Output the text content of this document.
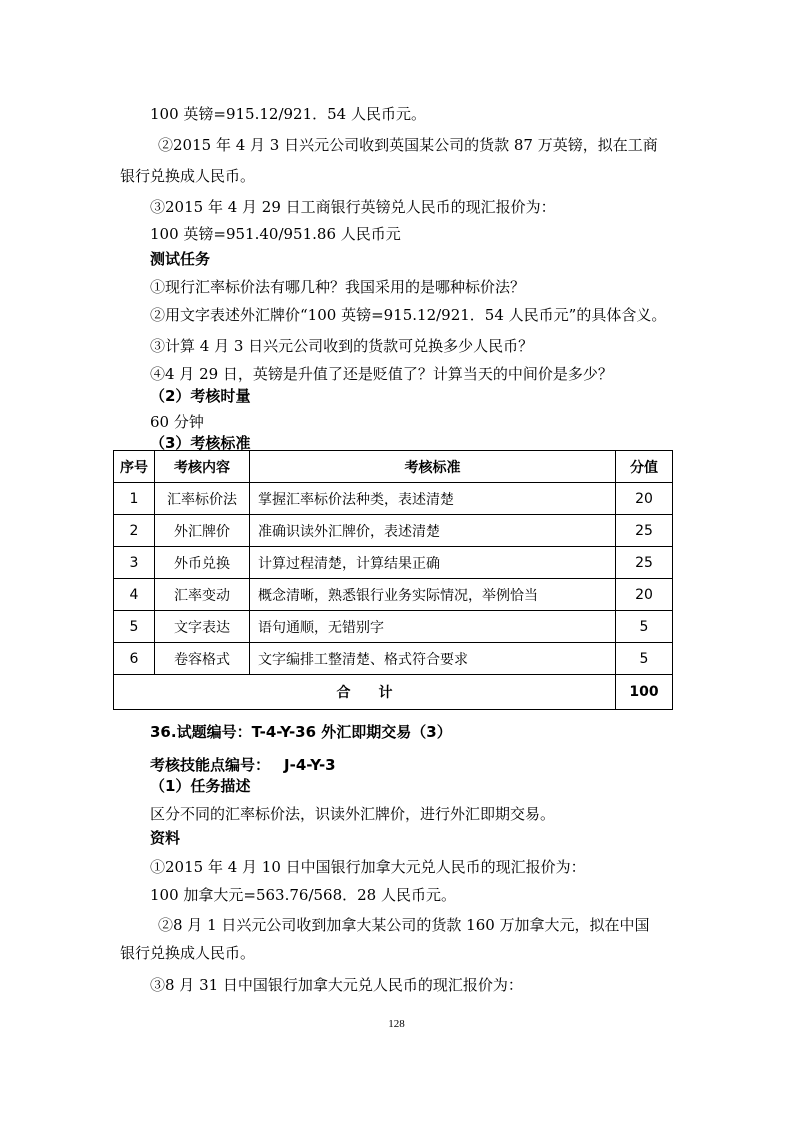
100 英镑=915.12/921．54 人民币元。
②2015 年 4 月 3 日兴元公司收到英国某公司的货款 87 万英镑，拟在工商
银行兑换成人民币。
③2015 年 4 月 29 日工商银行英镑兑人民币的现汇报价为：
100 英镑=951.40/951.86 人民币元
测试任务
①现行汇率标价法有哪几种？我国采用的是哪种标价法？
②用文字表述外汇牌价“100 英镑=915.12/921．54 人民币元”的具体含义。
③计算 4 月 3 日兴元公司收到的货款可兑换多少人民币？
④4 月 29 日，英镑是升值了还是贬值了？计算当天的中间价是多少？
（2）考核时量
60 分钟
（3）考核标准
序号	考核内容	考核标准	分值
1	汇率标价法	掌握汇率标价法种类，表述清楚	20
2	外汇牌价	准确识读外汇牌价，表述清楚	25
3	外币兑换	计算过程清楚，计算结果正确	25
4	汇率变动	概念清晰，熟悉银行业务实际情况，举例恰当	20
5	文字表达	语句通顺，无错别字	5
6	卷容格式	文字编排工整清楚、格式符合要求	5
合　　计			100
36.试题编号：T-4-Y-36 外汇即期交易（3）
考核技能点编号： J-4-Y-3
（1）任务描述
区分不同的汇率标价法，识读外汇牌价，进行外汇即期交易。
资料
①2015 年 4 月 10 日中国银行加拿大元兑人民币的现汇报价为：
100 加拿大元=563.76/568．28 人民币元。
②8 月 1 日兴元公司收到加拿大某公司的货款 160 万加拿大元，拟在中国
银行兑换成人民币。
③8 月 31 日中国银行加拿大元兑人民币的现汇报价为：
128
